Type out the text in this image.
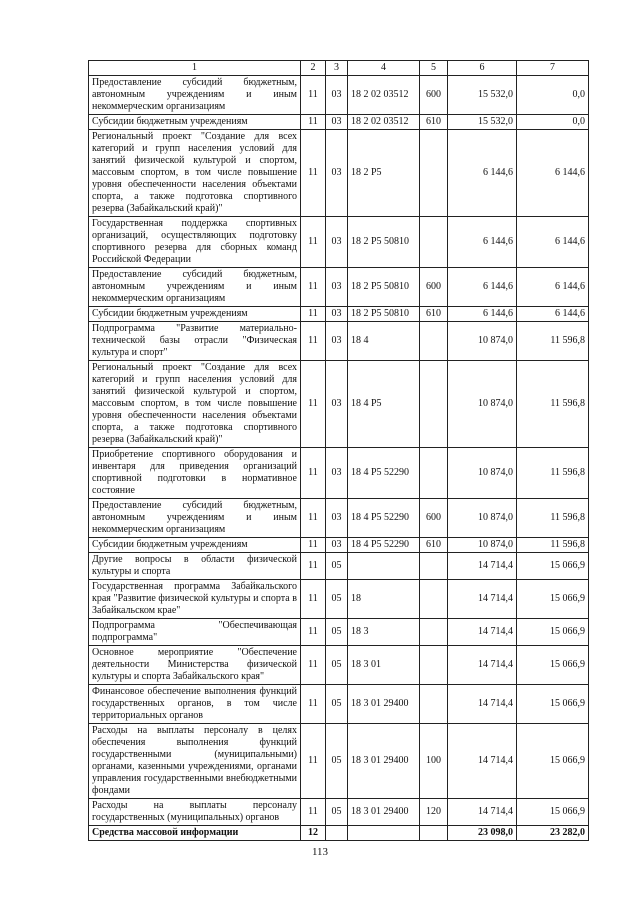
1	2	3	4	5	6	7
Предоставление субсидий бюджетным, автономным учреждениям и иным некоммерческим организациям	11	03	18 2 02 03512	600	15 532,0	0,0
Субсидии бюджетным учреждениям	11	03	18 2 02 03512	610	15 532,0	0,0
Региональный проект "Создание для всех категорий и групп населения условий для занятий физической культурой и спортом, массовым спортом, в том числе повышение уровня обеспеченности населения объектами спорта, а также подготовка спортивного резерва (Забайкальский край)"	11	03	18 2 P5		6 144,6	6 144,6
Государственная поддержка спортивных организаций, осуществляющих подготовку спортивного резерва для сборных команд Российской Федерации	11	03	18 2 P5 50810		6 144,6	6 144,6
Предоставление субсидий бюджетным, автономным учреждениям и иным некоммерческим организациям	11	03	18 2 P5 50810	600	6 144,6	6 144,6
Субсидии бюджетным учреждениям	11	03	18 2 P5 50810	610	6 144,6	6 144,6
Подпрограмма "Развитие материально-технической базы отрасли "Физическая культура и спорт"	11	03	18 4		10 874,0	11 596,8
Региональный проект "Создание для всех категорий и групп населения условий для занятий физической культурой и спортом, массовым спортом, в том числе повышение уровня обеспеченности населения объектами спорта, а также подготовка спортивного резерва (Забайкальский край)"	11	03	18 4 P5		10 874,0	11 596,8
Приобретение спортивного оборудования и инвентаря для приведения организаций спортивной подготовки в нормативное состояние	11	03	18 4 P5 52290		10 874,0	11 596,8
Предоставление субсидий бюджетным, автономным учреждениям и иным некоммерческим организациям	11	03	18 4 P5 52290	600	10 874,0	11 596,8
Субсидии бюджетным учреждениям	11	03	18 4 P5 52290	610	10 874,0	11 596,8
Другие вопросы в области физической культуры и спорта	11	05			14 714,4	15 066,9
Государственная программа Забайкальского края "Развитие физической культуры и спорта в Забайкальском крае"	11	05	18		14 714,4	15 066,9
Подпрограмма "Обеспечивающая подпрограмма"	11	05	18 3		14 714,4	15 066,9
Основное мероприятие "Обеспечение деятельности Министерства физической культуры и спорта Забайкальского края"	11	05	18 3 01		14 714,4	15 066,9
Финансовое обеспечение выполнения функций государственных органов, в том числе территориальных органов	11	05	18 3 01 29400		14 714,4	15 066,9
Расходы на выплаты персоналу в целях обеспечения выполнения функций государственными (муниципальными) органами, казенными учреждениями, органами управления государственными внебюджетными фондами	11	05	18 3 01 29400	100	14 714,4	15 066,9
Расходы на выплаты персоналу государственных (муниципальных) органов	11	05	18 3 01 29400	120	14 714,4	15 066,9
Средства массовой информации	12				23 098,0	23 282,0
113
